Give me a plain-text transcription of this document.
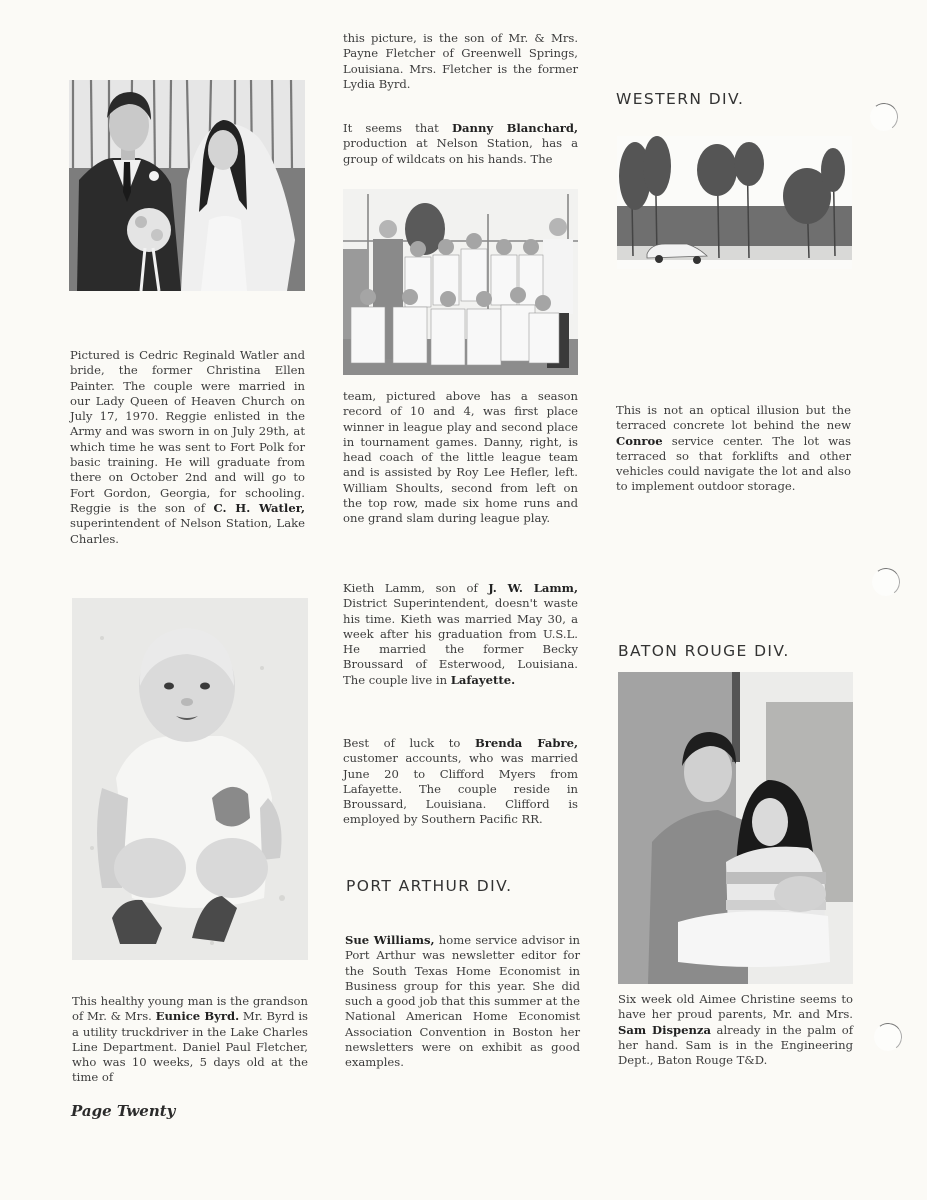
Pictured is Cedric Reginald Watler and bride, the former Christina Ellen Painter. The couple were married in our Lady Queen of Heaven Church on July 17, 1970. Reggie enlisted in the Army and was sworn in on July 29th, at which time he was sent to Fort Polk for basic training. He will graduate from there on October 2nd and will go to Fort Gordon, Georgia, for schooling. Reggie is the son of C. H. Watler, superintendent of Nelson Station, Lake Charles.

This healthy young man is the grandson of Mr. & Mrs. Eunice Byrd. Mr. Byrd is a utility truckdriver in the Lake Charles Line Department. Daniel Paul Fletcher, who was 10 weeks, 5 days old at the time of

Page Twenty

this picture, is the son of Mr. & Mrs. Payne Fletcher of Greenwell Springs, Louisiana. Mrs. Fletcher is the former Lydia Byrd.

It seems that Danny Blanchard, production at Nelson Station, has a group of wildcats on his hands. The

team, pictured above has a season record of 10 and 4, was first place winner in league play and second place in tournament games. Danny, right, is head coach of the little league team and is assisted by Roy Lee Hefler, left. William Shoults, second from left on the top row, made six home runs and one grand slam during league play.

Kieth Lamm, son of J. W. Lamm, District Superintendent, doesn't waste his time. Kieth was married May 30, a week after his graduation from U.S.L. He married the former Becky Broussard of Esterwood, Louisiana. The couple live in Lafayette.

Best of luck to Brenda Fabre, customer accounts, who was married June 20 to Clifford Myers from Lafayette. The couple reside in Broussard, Louisiana. Clifford is employed by Southern Pacific RR.

PORT ARTHUR DIV.

Sue Williams, home service advisor in Port Arthur was newsletter editor for the South Texas Home Economist in Business group for this year. She did such a good job that this summer at the National American Home Economist Association Convention in Boston her newsletters were on exhibit as good examples.

WESTERN DIV.

This is not an optical illusion but the terraced concrete lot behind the new Conroe service center. The lot was terraced so that forklifts and other vehicles could navigate the lot and also to implement outdoor storage.

BATON ROUGE DIV.

Six week old Aimee Christine seems to have her proud parents, Mr. and Mrs. Sam Dispenza already in the palm of her hand. Sam is in the Engineering Dept., Baton Rouge T&D.
